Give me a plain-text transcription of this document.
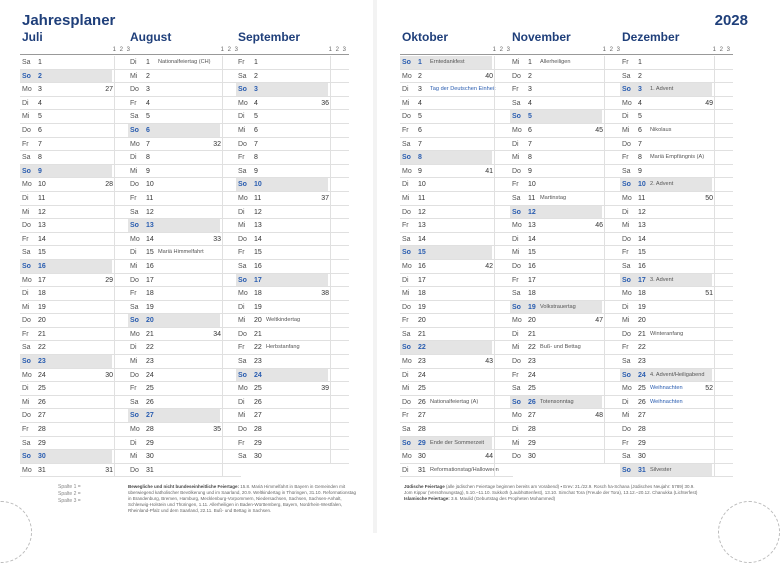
Jahresplaner	2028
Juli
1 2 3
Sa 1
So 2
Mo 3	27
Di 4
Mi 5
Do 6
Fr 7
Sa 8
So 9
Mo 10	28
Di 11
Mi 12
Do 13
Fr 14
Sa 15
So 16
Mo 17	29
Di 18
Mi 19
Do 20
Fr 21
Sa 22
So 23
Mo 24	30
Di 25
Mi 26
Do 27
Fr 28
Sa 29
So 30
Mo 31	31
August
1 2 3
Di 1 Nationalfeiertag (CH)
Mi 2
Do 3
Fr 4
Sa 5
So 6
Mo 7	32
Di 8
Mi 9
Do 10
Fr 11
Sa 12
So 13
Mo 14	33
Di 15 Mariä Himmelfahrt
Mi 16
Do 17
Fr 18
Sa 19
So 20
Mo 21	34
Di 22
Mi 23
Do 24
Fr 25
Sa 26
So 27
Mo 28	35
Di 29
Mi 30
Do 31
September
1 2 3
Fr 1
Sa 2
So 3
Mo 4	36
Di 5
Mi 6
Do 7
Fr 8
Sa 9
So 10
Mo 11	37
Di 12
Mi 13
Do 14
Fr 15
Sa 16
So 17
Mo 18	38
Di 19
Mi 20 Weltkindertag
Do 21
Fr 22 Herbstanfang
Sa 23
So 24
Mo 25	39
Di 26
Mi 27
Do 28
Fr 29
Sa 30
Oktober
1 2 3
So 1 Erntedankfest
Mo 2	40
Di 3 Tag der Deutschen Einheit
Mi 4
Do 5
Fr 6
Sa 7
So 8
Mo 9	41
Di 10
Mi 11
Do 12
Fr 13
Sa 14
So 15
Mo 16	42
Di 17
Mi 18
Do 19
Fr 20
Sa 21
So 22
Mo 23	43
Di 24
Mi 25
Do 26 Nationalfeiertag (A)
Fr 27
Sa 28
So 29 Ende der Sommerzeit
Mo 30	44
Di 31 Reformationstag/Halloween
November
1 2 3
Mi 1 Allerheiligen
Do 2
Fr 3
Sa 4
So 5
Mo 6	45
Di 7
Mi 8
Do 9
Fr 10
Sa 11 Martinstag
So 12
Mo 13	46
Di 14
Mi 15
Do 16
Fr 17
Sa 18
So 19 Volkstrauertag
Mo 20	47
Di 21
Mi 22 Buß- und Bettag
Do 23
Fr 24
Sa 25
So 26 Totensonntag
Mo 27	48
Di 28
Mi 29
Do 30
Dezember
1 2 3
Fr 1
Sa 2
So 3 1. Advent
Mo 4	49
Di 5
Mi 6 Nikolaus
Do 7
Fr 8 Mariä Empfängnis (A)
Sa 9
So 10 2. Advent
Mo 11	50
Di 12
Mi 13
Do 14
Fr 15
Sa 16
So 17 3. Advent
Mo 18	51
Di 19
Mi 20
Do 21 Winteranfang
Fr 22
Sa 23
So 24 4. Advent/Heiligabend
Mo 25 Weihnachten	52
Di 26 Weihnachten
Mi 27
Do 28
Fr 29
Sa 30
So 31 Silvester
Spalte 1 =
Spalte 2 =
Spalte 3 =
Bewegliche und nicht bundeseinheitliche Feiertage: 15.8. Mariä Himmelfahrt in Bayern in Gemeinden mit überwiegend katholischer Bevölkerung und im Saarland, 20.9. Weltkindertag in Thüringen, 31.10. Reformationstag in Brandenburg, Bremen, Hamburg, Mecklenburg-Vorpommern, Niedersachsen, Sachsen, Sachsen-Anhalt, Schleswig-Holstein und Thüringen, 1.11. Allerheiligen in Baden-Württemberg, Bayern, Nordrhein-Westfalen, Rheinland-Pfalz und dem Saarland, 22.11. Buß- und Bettag in Sachsen.
Jüdische Feiertage (alle jüdischen Feiertage beginnen bereits am Vorabend) ▪ Erev: 21./22.9. Rosch ha-Schana (Jüdisches Neujahr: 5789) 30.9. Jom Kippur (Versöhnungstag), 5.10.–11.10. Sukkoth (Laubhüttenfest), 13.10. Simchat Tora (Freude der Tora), 13.12.–20.12. Chanukka (Lichterfest)
Islamische Feiertage: 3.6. Maulid (Geburtstag des Propheten Mohammed)
